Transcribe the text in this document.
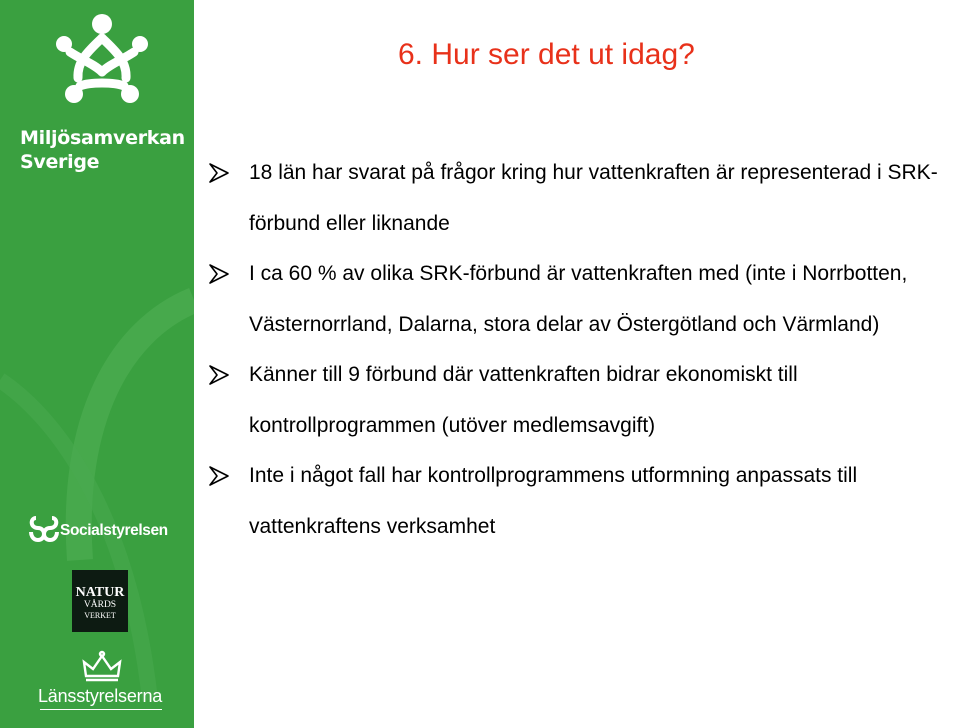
Miljösamverkan
Sverige
Socialstyrelsen
NATUR
VÅRDS
VERKET
Länsstyrelserna
6. Hur ser det ut idag?
18 län har svarat på frågor kring hur vattenkraften är representerad i SRK-förbund eller liknande
I ca 60 % av olika SRK-förbund är vattenkraften med (inte i Norrbotten, Västernorrland, Dalarna, stora delar av Östergötland och Värmland)
Känner till 9 förbund där vattenkraften bidrar ekonomiskt till kontrollprogrammen (utöver medlemsavgift)
Inte i något fall har kontrollprogrammens utformning anpassats till vattenkraftens verksamhet
